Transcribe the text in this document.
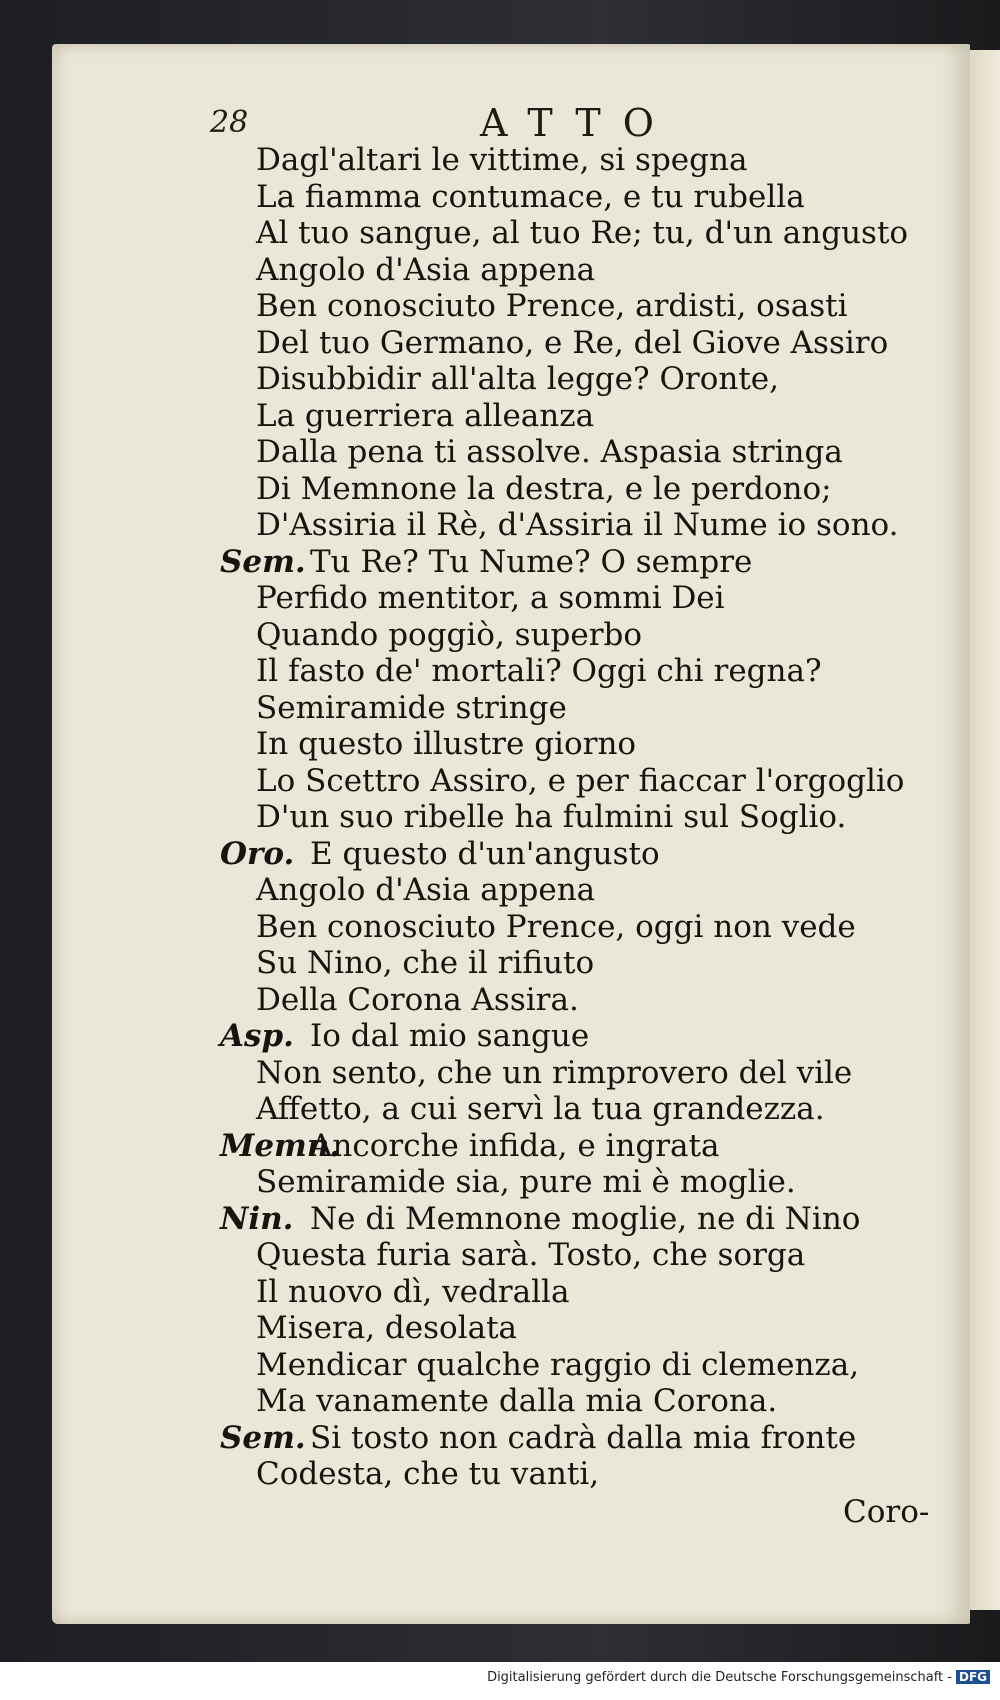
28	ATTO
Dagl'altari le vittime, si spegna
La fiamma contumace, e tu rubella
Al tuo sangue, al tuo Re; tu, d'un angusto
Angolo d'Asia appena
Ben conosciuto Prence, ardisti, osasti
Del tuo Germano, e Re, del Giove Assiro
Disubbidir all'alta legge? Oronte,
La guerriera alleanza
Dalla pena ti assolve. Aspasia stringa
Di Memnone la destra, e le perdono;
D'Assiria il Rè, d'Assiria il Nume io sono.
Sem. Tu Re? Tu Nume? O sempre
Perfido mentitor, a sommi Dei
Quando poggiò, superbo
Il fasto de' mortali? Oggi chi regna?
Semiramide stringe
In questo illustre giorno
Lo Scettro Assiro, e per fiaccar l'orgoglio
D'un suo ribelle ha fulmini sul Soglio.
Oro. E questo d'un'angusto
Angolo d'Asia appena
Ben conosciuto Prence, oggi non vede
Su Nino, che il rifiuto
Della Corona Assira.
Asp. Io dal mio sangue
Non sento, che un rimprovero del vile
Affetto, a cui servì la tua grandezza.
Memn.
Ancorche infida, e ingrata
Semiramide sia, pure mi è moglie.
Nin. Ne di Memnone moglie, ne di Nino
Questa furia sarà. Tosto, che sorga
Il nuovo dì, vedralla
Misera, desolata
Mendicar qualche raggio di clemenza,
Ma vanamente dalla mia Corona.
Sem. Si tosto non cadrà dalla mia fronte
Codesta, che tu vanti,
Coro-
Digitalisierung gefördert durch die Deutsche Forschungsgemeinschaft - DFG
